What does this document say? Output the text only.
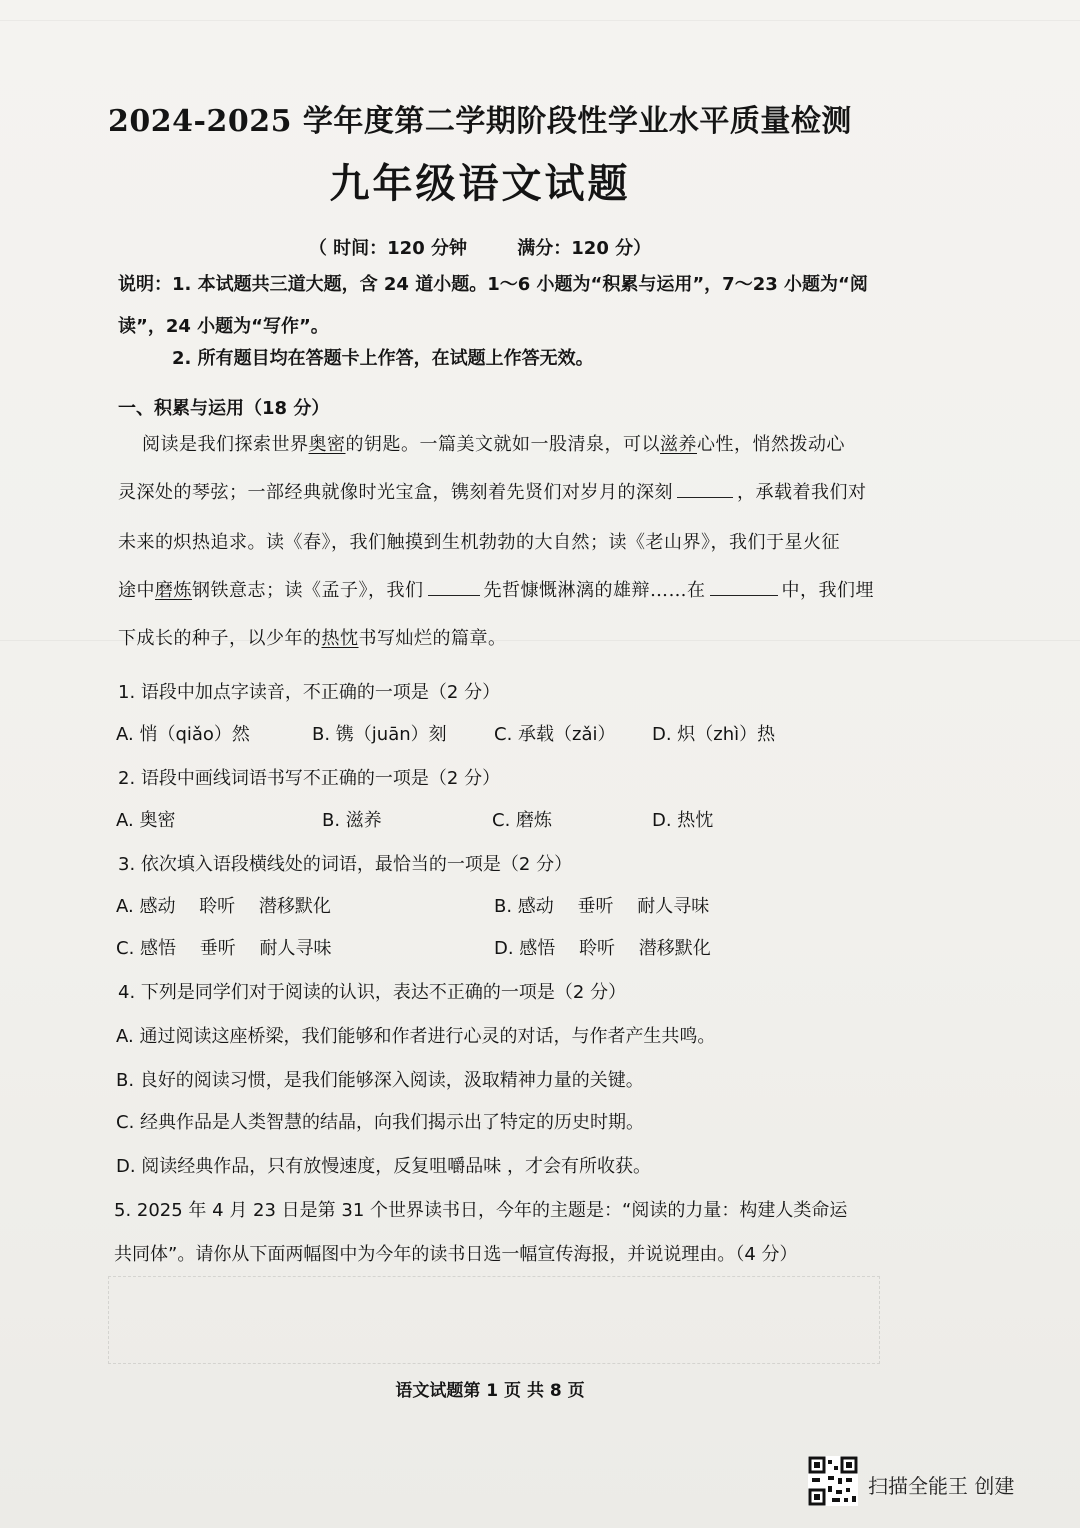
2024-2025 学年度第二学期阶段性学业水平质量检测
九年级语文试题
（ 时间：120 分钟	满分：120 分）
说明：1. 本试题共三道大题，含 24 道小题。1～6 小题为“积累与运用”，7～23 小题为“阅
读”，24 小题为“写作”。
2. 所有题目均在答题卡上作答，在试题上作答无效。
一、积累与运用（18 分）
阅读是我们探索世界奥密的钥匙。一篇美文就如一股清泉，可以滋养心性，悄然拨动心
灵深处的琴弦；一部经典就像时光宝盒，镌刻着先贤们对岁月的深刻	，承载着我们对
未来的炽热追求。读《春》，我们触摸到生机勃勃的大自然；读《老山界》，我们于星火征
途中磨炼钢铁意志；读《孟子》，我们	先哲慷慨淋漓的雄辩……在	中，我们埋
下成长的种子，以少年的热忱书写灿烂的篇章。
1. 语段中加点字读音，不正确的一项是（2 分）
A. 悄（qiǎo）然	B. 镌（juān）刻	C. 承载（zǎi） D. 炽（zhì）热
2. 语段中画线词语书写不正确的一项是（2 分）
A. 奥密	B. 滋养	C. 磨炼	D. 热忱
3. 依次填入语段横线处的词语，最恰当的一项是（2 分）
A. 感动　 聆听　 潜移默化	B. 感动　 垂听　 耐人寻味
C. 感悟　 垂听　 耐人寻味	D. 感悟　 聆听　 潜移默化
4. 下列是同学们对于阅读的认识，表达不正确的一项是（2 分）
A. 通过阅读这座桥梁，我们能够和作者进行心灵的对话，与作者产生共鸣。
B. 良好的阅读习惯，是我们能够深入阅读，汲取精神力量的关键。
C. 经典作品是人类智慧的结晶，向我们揭示出了特定的历史时期。
D. 阅读经典作品，只有放慢速度，反复咀嚼品味 ，才会有所收获。
5. 2025 年 4 月 23 日是第 31 个世界读书日，今年的主题是：“阅读的力量：构建人类命运
共同体”。请你从下面两幅图中为今年的读书日选一幅宣传海报，并说说理由。（4 分）
语文试题第 1 页 共 8 页
扫描全能王 创建
